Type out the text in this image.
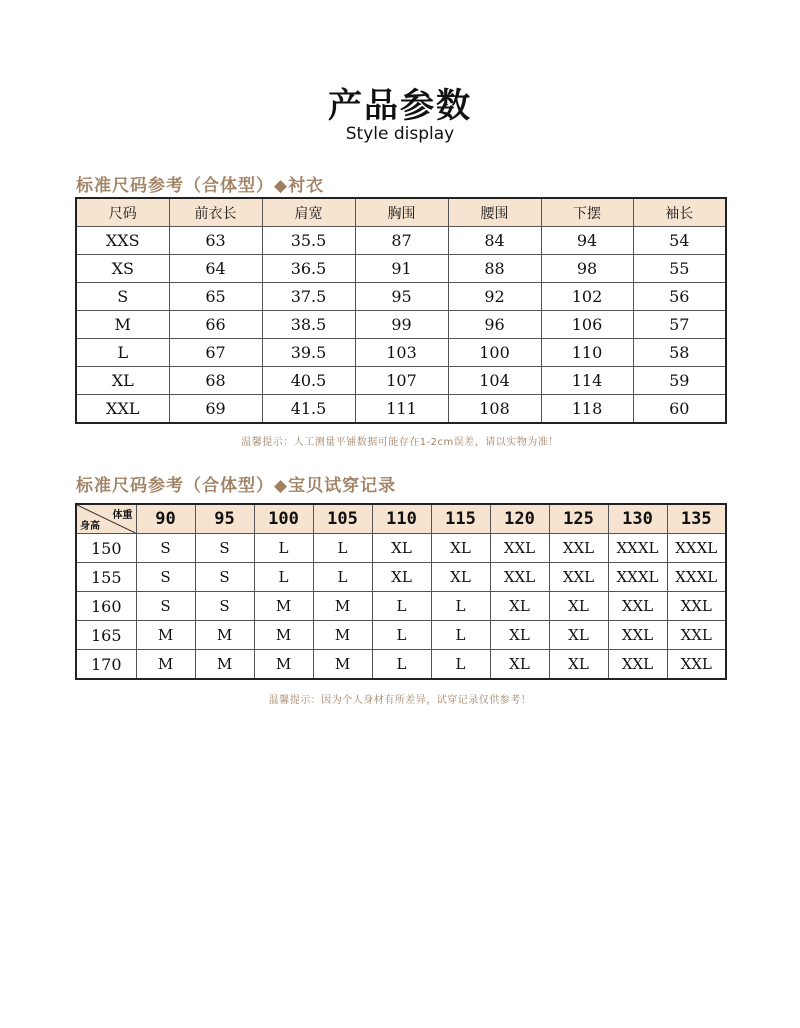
产品参数
Style display
标准尺码参考（合体型）◆衬衣
尺码	前衣长	肩宽	胸围	腰围	下摆	袖长
XXS	63	35.5	87	84	94	54
XS	64	36.5	91	88	98	55
S	65	37.5	95	92	102	56
M	66	38.5	99	96	106	57
L	67	39.5	103	100	110	58
XL	68	40.5	107	104	114	59
XXL	69	41.5	111	108	118	60
温馨提示：人工测量平铺数据可能存在1-2cm误差，请以实物为准！
标准尺码参考（合体型）◆宝贝试穿记录
体重
身高	90	95	100	105	110	115	120	125	130	135
150	S	S	L	L	XL	XL	XXL	XXL	XXXL	XXXL
155	S	S	L	L	XL	XL	XXL	XXL	XXXL	XXXL
160	S	S	M	M	L	L	XL	XL	XXL	XXL
165	M	M	M	M	L	L	XL	XL	XXL	XXL
170	M	M	M	M	L	L	XL	XL	XXL	XXL
温馨提示：因为个人身材有所差异，试穿记录仅供参考！
